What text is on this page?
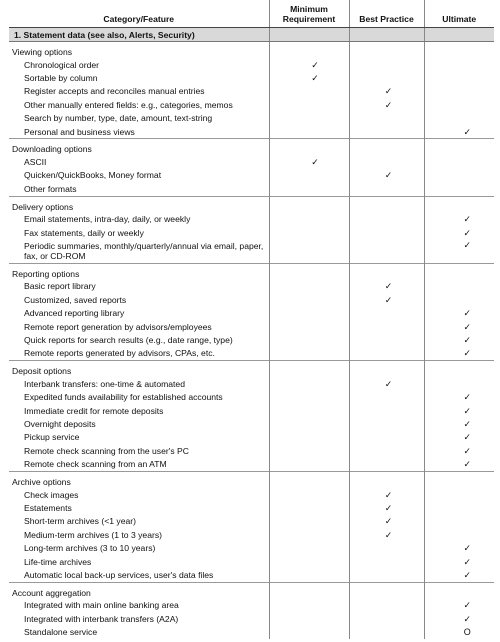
Category/Feature	Minimum Requirement	Best Practice	Ultimate
1. Statement data (see also, Alerts, Security)			
Viewing options			
Chronological order	✓		
Sortable by column	✓		
Register accepts and reconciles manual entries		✓	
Other manually entered fields: e.g., categories, memos		✓	
Search by number, type, date, amount, text-string			
Personal and business views			✓
Downloading options			
ASCII	✓		
Quicken/QuickBooks, Money format		✓	
Other formats			
Delivery options			
Email statements, intra-day, daily, or weekly			✓
Fax statements, daily or weekly			✓
Periodic summaries, monthly/quarterly/annual via email, paper, fax, or CD-ROM			✓
Reporting options			
Basic report library		✓	
Customized, saved reports		✓	
Advanced reporting library			✓
Remote report generation by advisors/employees			✓
Quick reports for search results (e.g., date range, type)			✓
Remote reports generated by advisors, CPAs, etc.			✓
Deposit options			
Interbank transfers: one-time & automated		✓	
Expedited funds availability for established accounts			✓
Immediate credit for remote deposits			✓
Overnight deposits			✓
Pickup service			✓
Remote check scanning from the user's PC			✓
Remote check scanning from an ATM			✓
Archive options			
Check images		✓	
Estatements		✓	
Short-term archives (<1 year)		✓	
Medium-term archives (1 to 3 years)		✓	
Long-term archives (3 to 10 years)			✓
Life-time archives			✓
Automatic local back-up services, user's data files			✓
Account aggregation			
Integrated with main online banking area			✓
Integrated with interbank transfers (A2A)			✓
Standalone service			O
